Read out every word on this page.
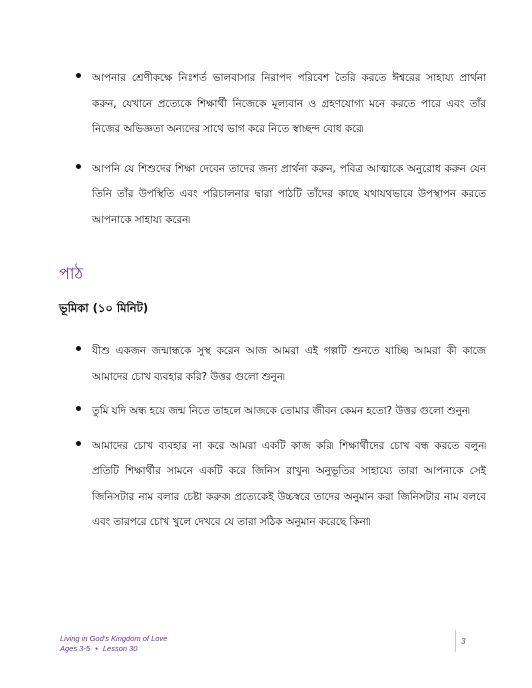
আপনার শ্রেণীকক্ষে নিঃশর্ত ভালবাসার নিরাপদ পরিবেশ তৈরি করতে ঈশ্বরের সাহায্য প্রার্থনা করুন, যেখানে প্রত্যেকে শিক্ষার্থী নিজেকে মূল্যবান ও গ্রহণযোগ্য মনে করতে পারে এবং তাঁর নিজের অভিজ্ঞতা অন্যদের সাথে ভাগ করে নিতে স্বাচ্ছন্দ বোধ করে৷
আপনি যে শিশুদের শিক্ষা দেবেন তাদের জন্য প্রার্থনা করুন, পবিত্র আত্মাকে অনুরোধ করুন যেন তিনি তাঁর উপস্থিতি এবং পরিচালনার দ্বারা পাঠটি তাঁদের কাছে যথাযথভাবে উপস্থাপন করতে আপনাকে সাহায্য করেন৷
পাঠ
ভূমিকা (১০ মিনিট)
যীশু একজন জন্মান্ধকে সুস্থ করেন আজ আমরা এই গল্পটি শুনতে যাচ্ছি৷ আমরা কী কাজে আমাদের চোখ ব্যবহার করি? উত্তর গুলো শুনুন৷
তুমি যদি অন্ধ হয়ে জন্ম নিতে তাহলে আজকে তোমার জীবন কেমন হতো? উত্তর গুলো শুনুন৷
আমাদের চোখ ব্যবহার না করে আমরা একটি কাজ করি৷ শিক্ষার্থীদের চোখ বন্ধ করতে বলুন৷ প্রতিটি শিক্ষার্থীর সামনে একটি করে জিনিস রাখুন৷ অনুভূতির সাহায্যে তারা আপনাকে সেই জিনিসটার নাম বলার চেষ্টা করুক৷ প্রত্যেকেই উচ্চস্বরে তাদের অনুমান করা জিনিসটার নাম বলবে এবং তারপরে চোখ খুলে দেখবে যে তারা সঠিক অনুমান করেছে কিনা৷
Living in God's Kingdom of Love
Ages 3-5 • Lesson 30
3
